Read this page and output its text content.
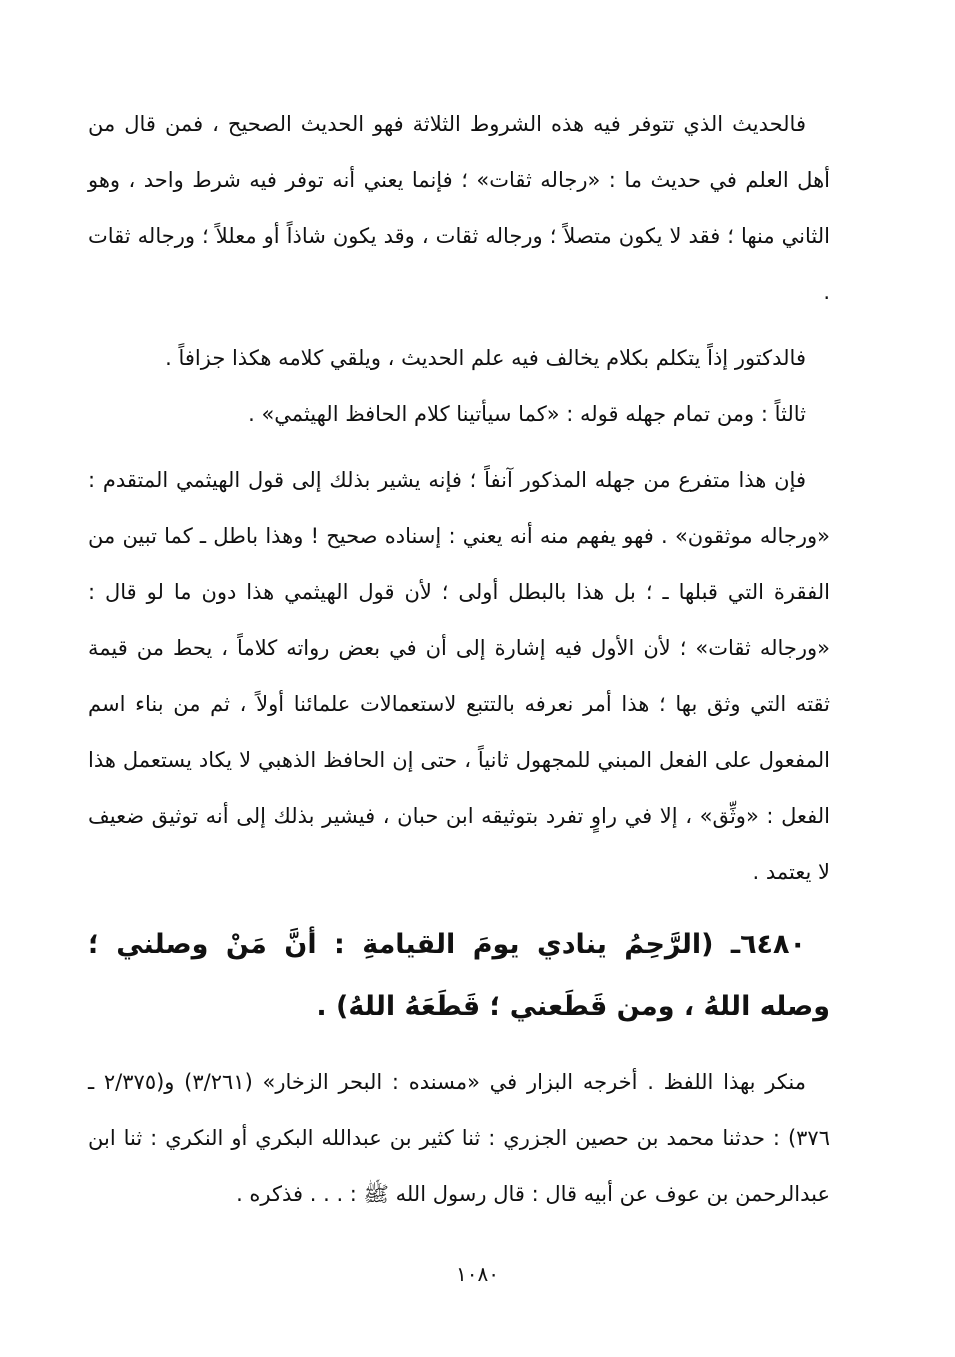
فالحديث الذي تتوفر فيه هذه الشروط الثلاثة فهو الحديث الصحيح ، فمن قال من أهل العلم في حديث ما : «رجاله ثقات» ؛ فإنما يعني أنه توفر فيه شرط واحد ، وهو الثاني منها ؛ فقد لا يكون متصلاً ؛ ورجاله ثقات ، وقد يكون شاذاً أو معللاً ؛ ورجاله ثقات .

فالدكتور إذاً يتكلم بكلام يخالف فيه علم الحديث ، ويلقي كلامه هكذا جزافاً .

ثالثاً : ومن تمام جهله قوله : «كما سيأتينا كلام الحافظ الهيثمي» .

فإن هذا متفرع من جهله المذكور آنفاً ؛ فإنه يشير بذلك إلى قول الهيثمي المتقدم : «ورجاله موثقون» . فهو يفهم منه أنه يعني : إسناده صحيح ! وهذا باطل ـ كما تبين من الفقرة التي قبلها ـ ؛ بل هذا بالبطل أولى ؛ لأن قول الهيثمي هذا دون ما لو قال : «ورجاله ثقات» ؛ لأن الأول فيه إشارة إلى أن في بعض رواته كلاماً ، يحط من قيمة ثقته التي وثق بها ؛ هذا أمر نعرفه بالتتبع لاستعمالات علمائنا أولاً ، ثم من بناء اسم المفعول على الفعل المبني للمجهول ثانياً ، حتى إن الحافظ الذهبي لا يكاد يستعمل هذا الفعل : «وثِّق» ، إلا في راوٍ تفرد بتوثيقه ابن حبان ، فيشير بذلك إلى أنه توثيق ضعيف لا يعتمد .

٦٤٨٠ـ (الرَّحِمُ ينادي يومَ القيامةِ : أنَّ مَنْ وصلني ؛ وصله اللهُ ، ومن قَطَعني ؛ قَطَعَهُ اللهُ) .

منكر بهذا اللفظ . أخرجه البزار في «مسنده : البحر الزخار» (٣/٢٦١) و(٢/٣٧٥ ـ ٣٧٦) : حدثنا محمد بن حصين الجزري : ثنا كثير بن عبدالله البكري أو النكري : ثنا ابن عبدالرحمن بن عوف عن أبيه قال : قال رسول الله ﷺ : . . . فذكره .

١٠٨٠
